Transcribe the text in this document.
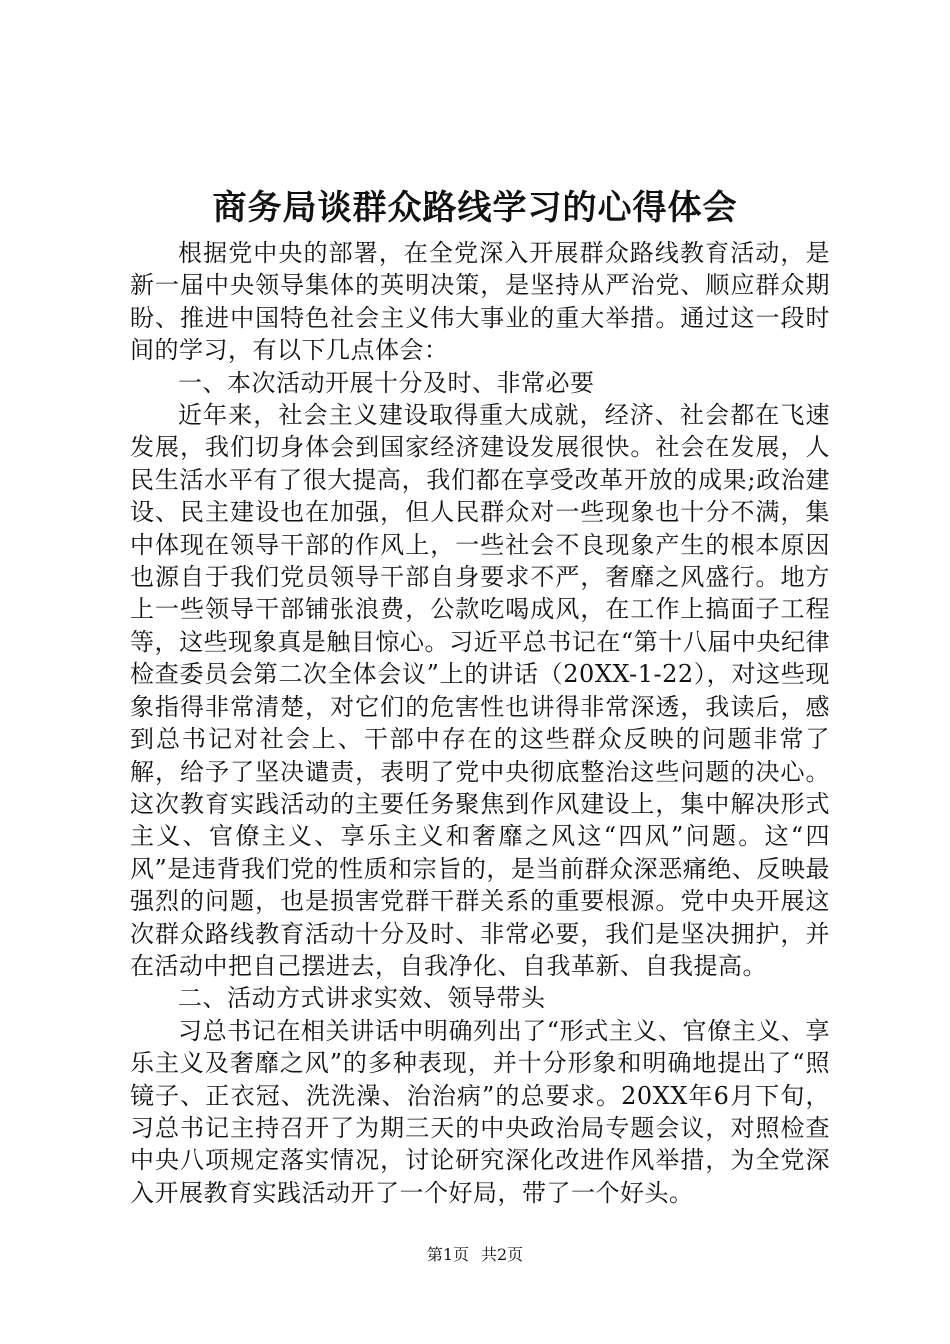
商务局谈群众路线学习的心得体会

根据党中央的部署，在全党深入开展群众路线教育活动，是新一届中央领导集体的英明决策，是坚持从严治党、顺应群众期盼、推进中国特色社会主义伟大事业的重大举措。通过这一段时间的学习，有以下几点体会：

一、本次活动开展十分及时、非常必要

近年来，社会主义建设取得重大成就，经济、社会都在飞速发展，我们切身体会到国家经济建设发展很快。社会在发展，人民生活水平有了很大提高，我们都在享受改革开放的成果;政治建设、民主建设也在加强，但人民群众对一些现象也十分不满，集中体现在领导干部的作风上，一些社会不良现象产生的根本原因也源自于我们党员领导干部自身要求不严，奢靡之风盛行。地方上一些领导干部铺张浪费，公款吃喝成风，在工作上搞面子工程等，这些现象真是触目惊心。习近平总书记在“第十八届中央纪律检查委员会第二次全体会议”上的讲话（20XX-1-22），对这些现象指得非常清楚，对它们的危害性也讲得非常深透，我读后，感到总书记对社会上、干部中存在的这些群众反映的问题非常了解，给予了坚决谴责，表明了党中央彻底整治这些问题的决心。这次教育实践活动的主要任务聚焦到作风建设上，集中解决形式主义、官僚主义、享乐主义和奢靡之风这“四风”问题。这“四风”是违背我们党的性质和宗旨的，是当前群众深恶痛绝、反映最强烈的问题，也是损害党群干群关系的重要根源。党中央开展这次群众路线教育活动十分及时、非常必要，我们是坚决拥护，并在活动中把自己摆进去，自我净化、自我革新、自我提高。

二、活动方式讲求实效、领导带头

习总书记在相关讲话中明确列出了“形式主义、官僚主义、享乐主义及奢靡之风”的多种表现，并十分形象和明确地提出了“照镜子、正衣冠、洗洗澡、治治病”的总要求。20XX年6月下旬，习总书记主持召开了为期三天的中央政治局专题会议，对照检查中央八项规定落实情况，讨论研究深化改进作风举措，为全党深入开展教育实践活动开了一个好局，带了一个好头。

第1页 共2页
